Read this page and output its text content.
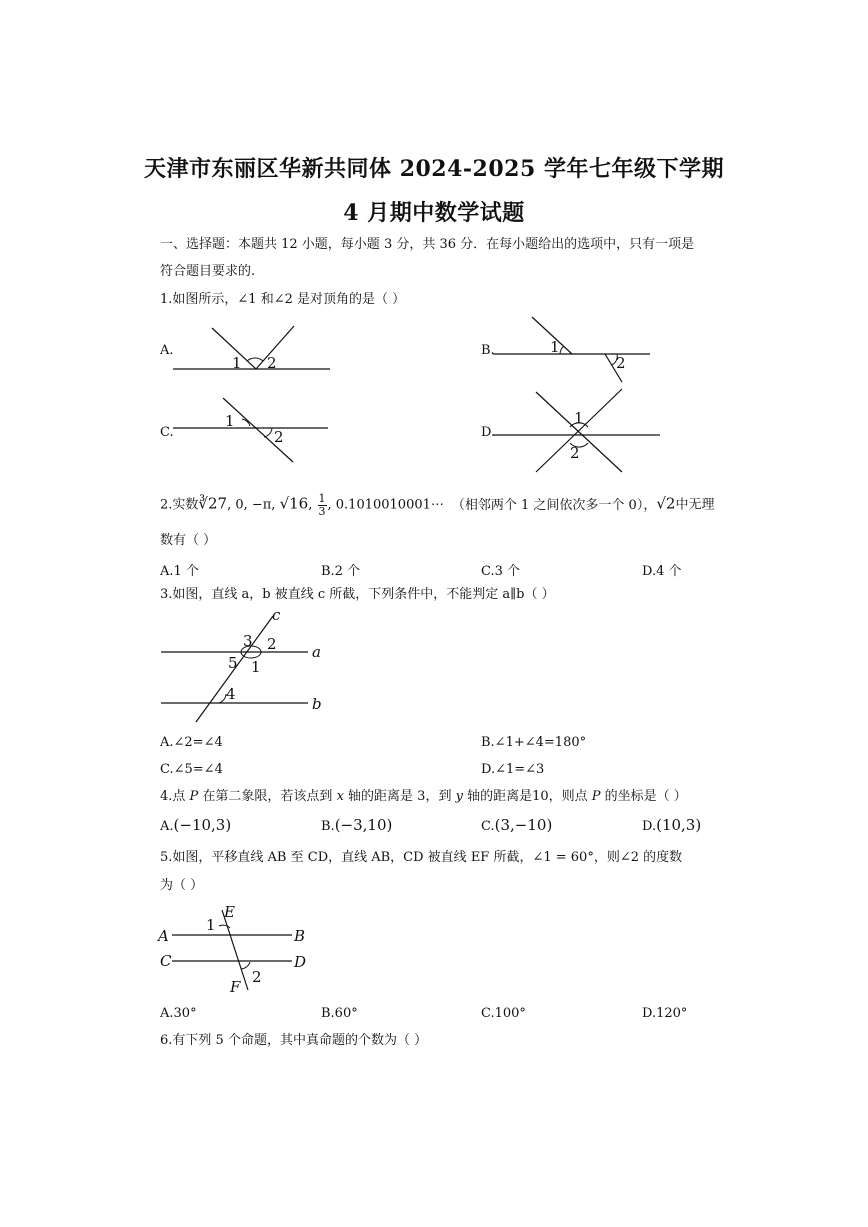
天津市东丽区华新共同体 2024-2025 学年七年级下学期
4 月期中数学试题
一、选择题：本题共 12 小题，每小题 3 分，共 36 分．在每小题给出的选项中，只有一项是
符合题目要求的.
1.如图所示，∠1 和∠2 是对顶角的是（ ）
A.
1 2
B.	1
2
C.
1
2	D.
1
2
2.实数∛27, 0, −π, √16, $\frac{1}{3}$ , 0.1010010001⋯ （相邻两个 1 之间依次多一个 0），√2中无理
数有（ ）
A.1 个	B.2 个	C.3 个	D.4 个
3.如图，直线 a，b 被直线 c 所截，下列条件中，不能判定 a∥b（ ）
c
a
b
3 2
5 1
4
A.∠2=∠4	B.∠1+∠4=180°
C.∠5=∠4	D.∠1=∠3
4.点 P 在第二象限，若该点到 x 轴的距离是 3，到 y 轴的距离是10，则点 P 的坐标是（ ）
A.(−10,3)	B.(−3,10)	C.(3,−10)	D.(10,3)
5.如图，平移直线 AB 至 CD，直线 AB，CD 被直线 EF 所截，∠1 = 60°，则∠2 的度数
为（ ）
A	B
C	D
E
F
1
2
A.30°	B.60°	C.100°	D.120°
6.有下列 5 个命题，其中真命题的个数为（ ）
